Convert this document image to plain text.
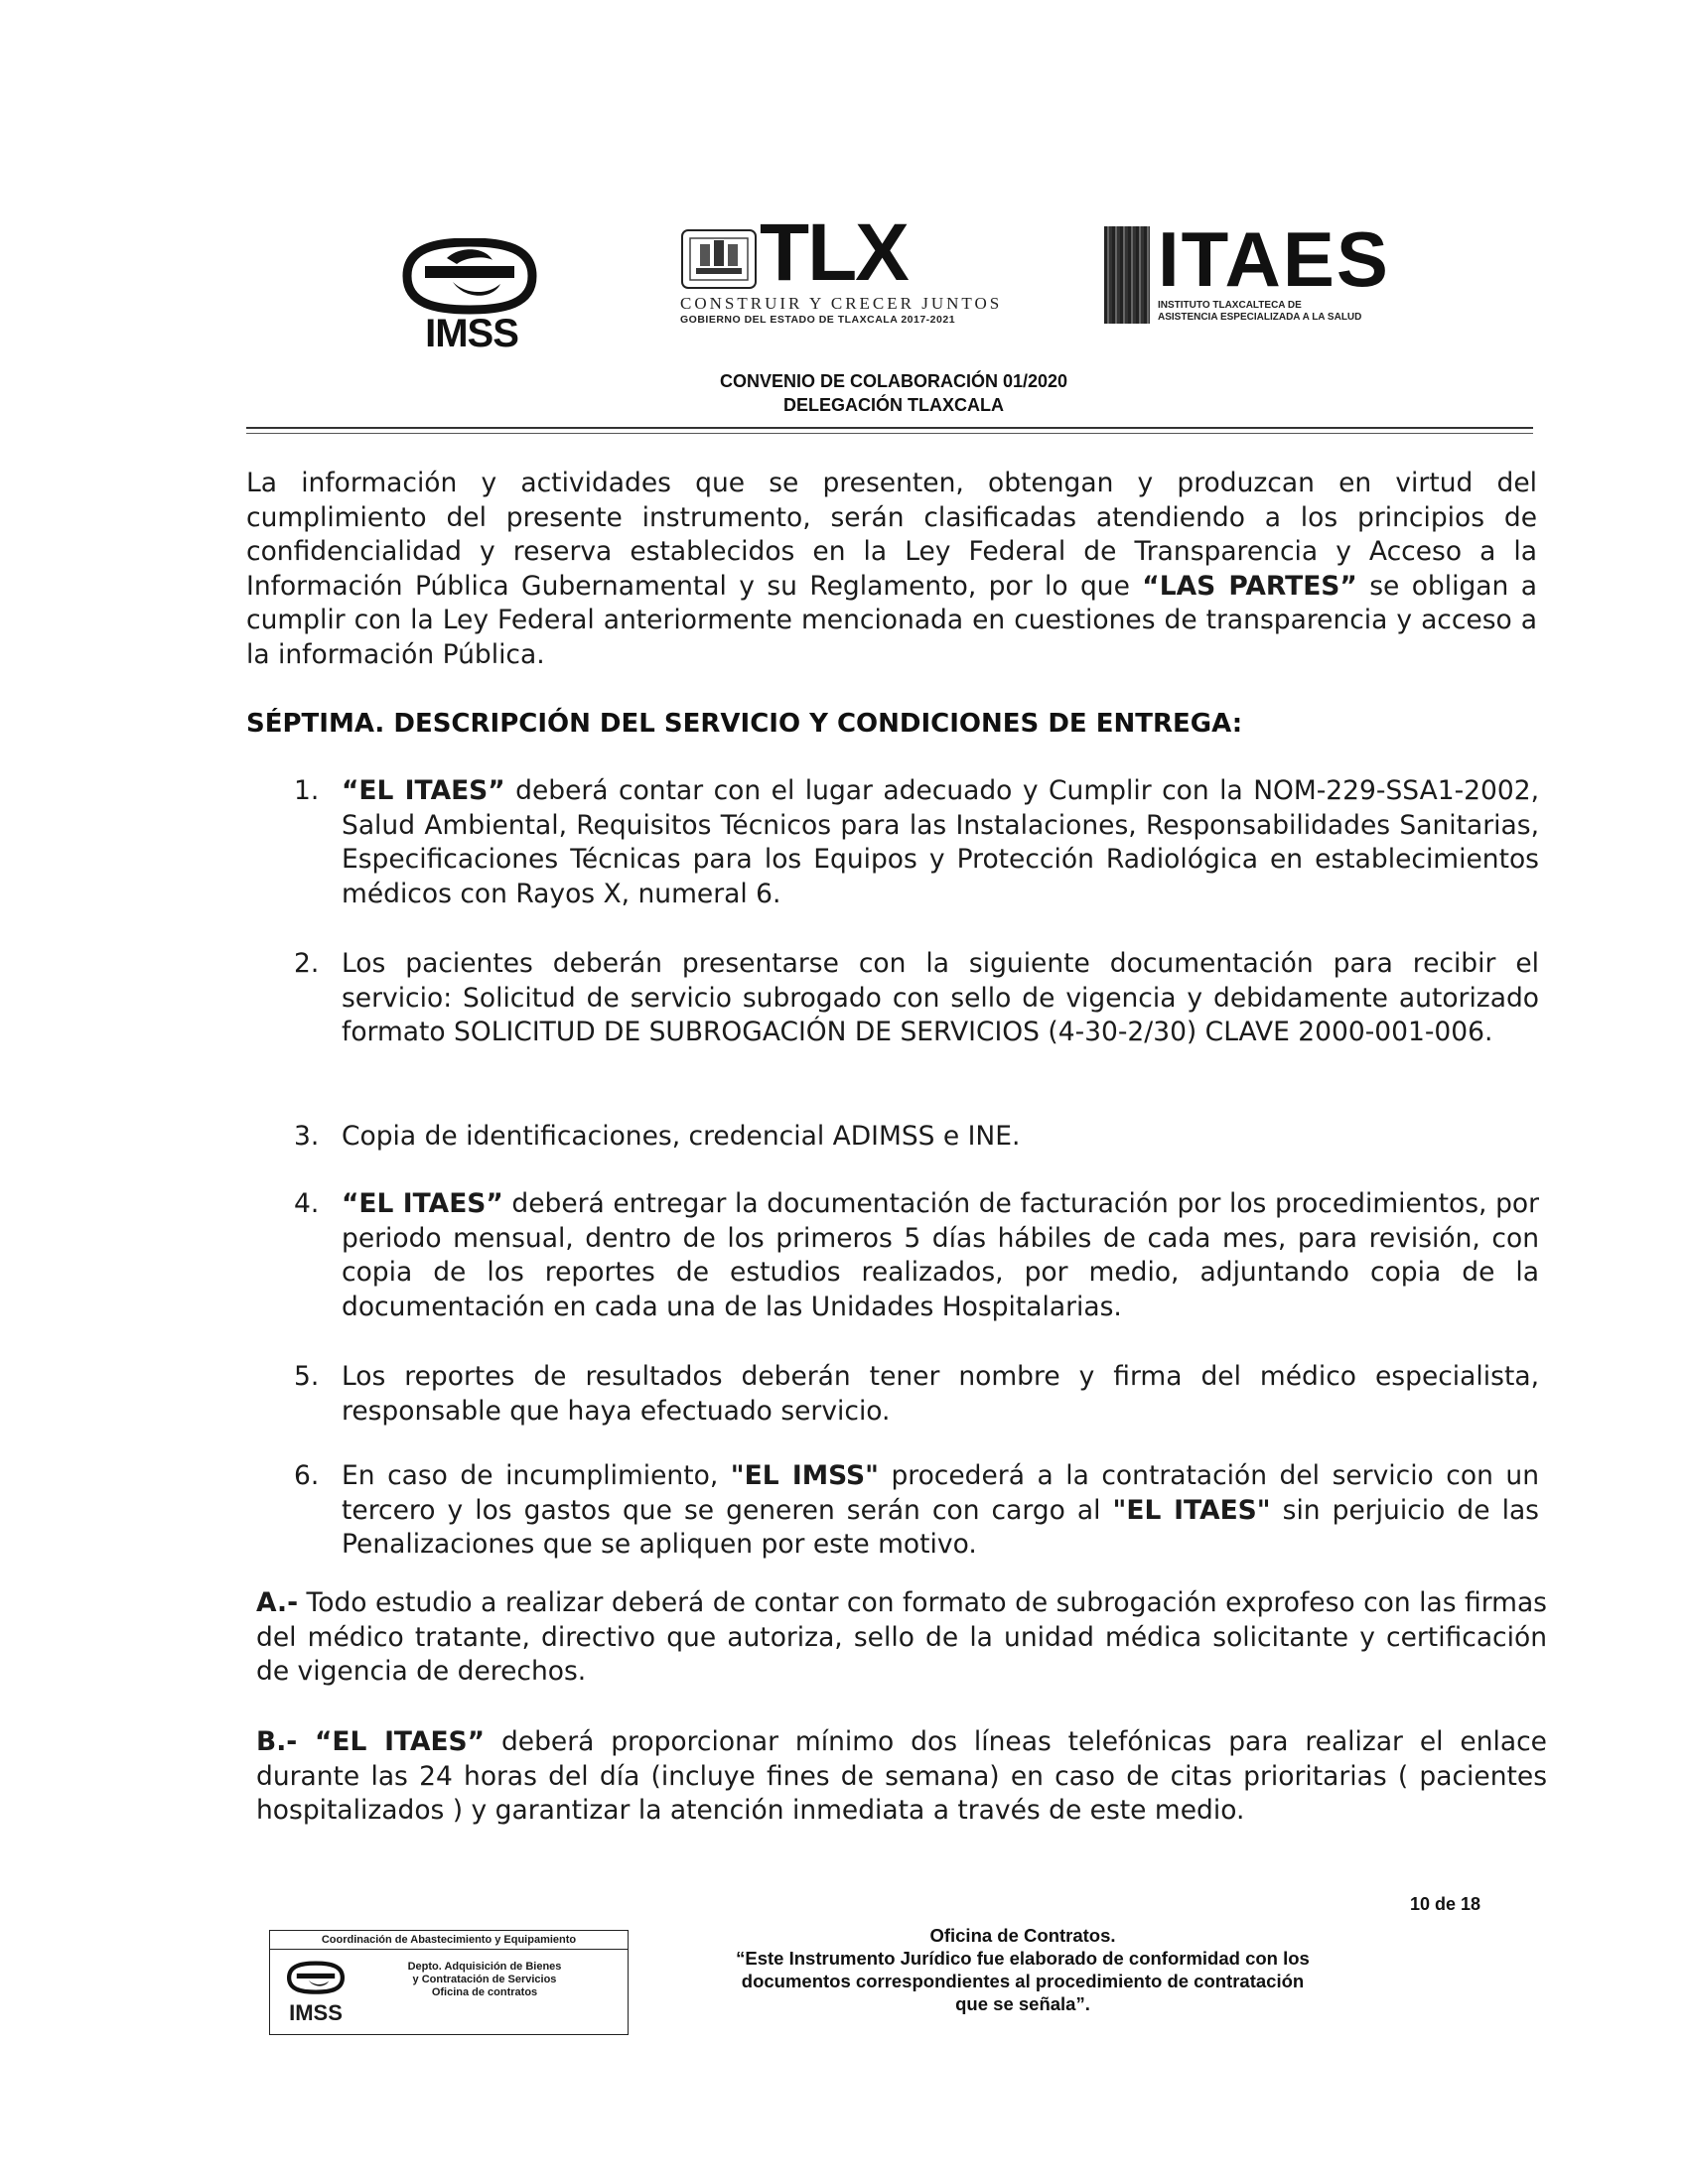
IMSS
TLX
CONSTRUIR Y CRECER JUNTOS
GOBIERNO DEL ESTADO DE TLAXCALA 2017-2021
ITAES
INSTITUTO TLAXCALTECA DE
ASISTENCIA ESPECIALIZADA A LA SALUD
CONVENIO DE COLABORACIÓN 01/2020
DELEGACIÓN TLAXCALA
La información y actividades que se presenten, obtengan y produzcan en virtud del cumplimiento del presente instrumento, serán clasificadas atendiendo a los principios de confidencialidad y reserva establecidos en la Ley Federal de Transparencia y Acceso a la Información Pública Gubernamental y su Reglamento, por lo que “LAS PARTES” se obligan a cumplir con la Ley Federal anteriormente mencionada en cuestiones de transparencia y acceso a la información Pública.
SÉPTIMA. DESCRIPCIÓN DEL SERVICIO Y CONDICIONES DE ENTREGA:
1. “EL ITAES” deberá contar con el lugar adecuado y Cumplir con la NOM-229-SSA1-2002, Salud Ambiental, Requisitos Técnicos para las Instalaciones, Responsabilidades Sanitarias, Especificaciones Técnicas para los Equipos y Protección Radiológica en establecimientos médicos con Rayos X, numeral 6.
2. Los pacientes deberán presentarse con la siguiente documentación para recibir el servicio: Solicitud de servicio subrogado con sello de vigencia y debidamente autorizado formato SOLICITUD DE SUBROGACIÓN DE SERVICIOS (4-30-2/30) CLAVE 2000-001-006.
3. Copia de identificaciones, credencial ADIMSS e INE.
4. “EL ITAES” deberá entregar la documentación de facturación por los procedimientos, por periodo mensual, dentro de los primeros 5 días hábiles de cada mes, para revisión, con copia de los reportes de estudios realizados, por medio, adjuntando copia de la documentación en cada una de las Unidades Hospitalarias.
5. Los reportes de resultados deberán tener nombre y firma del médico especialista, responsable que haya efectuado servicio.
6. En caso de incumplimiento, "EL IMSS" procederá a la contratación del servicio con un tercero y los gastos que se generen serán con cargo al "EL ITAES" sin perjuicio de las Penalizaciones que se apliquen por este motivo.
A.- Todo estudio a realizar deberá de contar con formato de subrogación exprofeso con las firmas del médico tratante, directivo que autoriza, sello de la unidad médica solicitante y certificación de vigencia de derechos.
B.- “EL ITAES” deberá proporcionar mínimo dos líneas telefónicas para realizar el enlace durante las 24 horas del día (incluye fines de semana) en caso de citas prioritarias ( pacientes hospitalizados ) y garantizar la atención inmediata a través de este medio.
10 de 18
Coordinación de Abastecimiento y Equipamiento
IMSS
Depto. Adquisición de Bienes
y Contratación de Servicios
Oficina de contratos
Oficina de Contratos.
“Este Instrumento Jurídico fue elaborado de conformidad con los
documentos correspondientes al procedimiento de contratación
que se señala”.
